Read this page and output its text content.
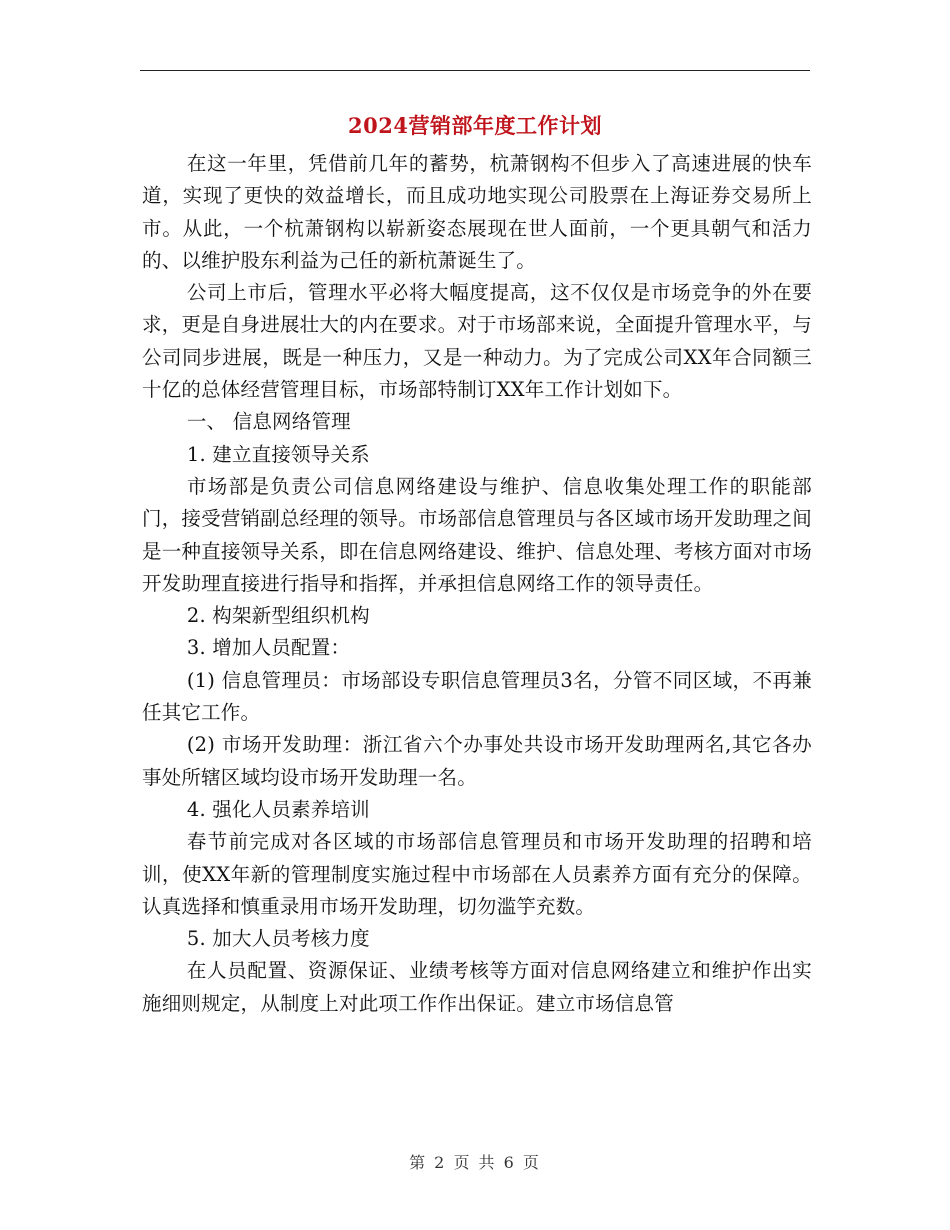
2024营销部年度工作计划

在这一年里，凭借前几年的蓄势，杭萧钢构不但步入了高速进展的快车道，实现了更快的效益增长，而且成功地实现公司股票在上海证券交易所上市。从此，一个杭萧钢构以崭新姿态展现在世人面前，一个更具朝气和活力的、以维护股东利益为己任的新杭萧诞生了。

公司上市后，管理水平必将大幅度提高，这不仅仅是市场竞争的外在要求，更是自身进展壮大的内在要求。对于市场部来说，全面提升管理水平，与公司同步进展，既是一种压力，又是一种动力。为了完成公司XX年合同额三十亿的总体经营管理目标，市场部特制订XX年工作计划如下。

一、 信息网络管理

1. 建立直接领导关系

市场部是负责公司信息网络建设与维护、信息收集处理工作的职能部门，接受营销副总经理的领导。市场部信息管理员与各区域市场开发助理之间是一种直接领导关系，即在信息网络建设、维护、信息处理、考核方面对市场开发助理直接进行指导和指挥，并承担信息网络工作的领导责任。

2. 构架新型组织机构

3. 增加人员配置：

(1) 信息管理员：市场部设专职信息管理员3名，分管不同区域，不再兼任其它工作。

(2) 市场开发助理：浙江省六个办事处共设市场开发助理两名,其它各办事处所辖区域均设市场开发助理一名。

4. 强化人员素养培训

春节前完成对各区域的市场部信息管理员和市场开发助理的招聘和培训，使XX年新的管理制度实施过程中市场部在人员素养方面有充分的保障。认真选择和慎重录用市场开发助理，切勿滥竽充数。

5. 加大人员考核力度

在人员配置、资源保证、业绩考核等方面对信息网络建立和维护作出实施细则规定，从制度上对此项工作作出保证。建立市场信息管

第 2 页 共 6 页
